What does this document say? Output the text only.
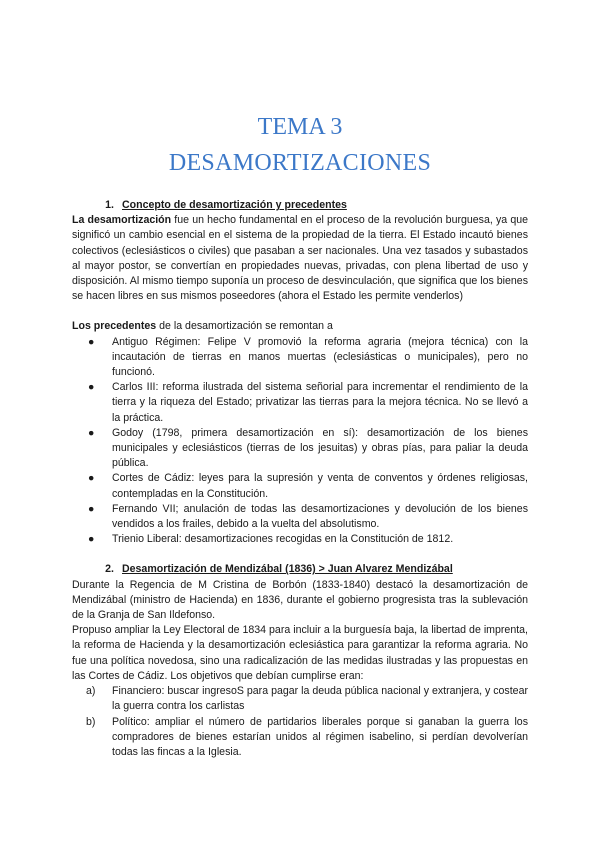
TEMA 3
DESAMORTIZACIONES

1. Concepto de desamortización y precedentes

La desamortización fue un hecho fundamental en el proceso de la revolución burguesa, ya que significó un cambio esencial en el sistema de la propiedad de la tierra. El Estado incautó bienes colectivos (eclesiásticos o civiles) que pasaban a ser nacionales. Una vez tasados y subastados al mayor postor, se convertían en propiedades nuevas, privadas, con plena libertad de uso y disposición. Al mismo tiempo suponía un proceso de desvinculación, que significa que los bienes se hacen libres en sus mismos poseedores (ahora el Estado les permite venderlos)

Los precedentes de la desamortización se remontan a

●	Antiguo Régimen: Felipe V promovió la reforma agraria (mejora técnica) con la incautación de tierras en manos muertas (eclesiásticas o municipales), pero no funcionó.
●	Carlos III: reforma ilustrada del sistema señorial para incrementar el rendimiento de la tierra y la riqueza del Estado; privatizar las tierras para la mejora técnica. No se llevó a la práctica.
●	Godoy (1798, primera desamortización en sí): desamortización de los bienes municipales y eclesiásticos (tierras de los jesuitas) y obras pías, para paliar la deuda pública.
●	Cortes de Cádiz: leyes para la supresión y venta de conventos y órdenes religiosas, contempladas en la Constitución.
●	Fernando VII; anulación de todas las desamortizaciones y devolución de los bienes vendidos a los frailes, debido a la vuelta del absolutismo.
●	Trienio Liberal: desamortizaciones recogidas en la Constitución de 1812.

2. Desamortización de Mendizábal (1836) > Juan Alvarez Mendizábal

Durante la Regencia de M Cristina de Borbón (1833-1840) destacó la desamortización de Mendizábal (ministro de Hacienda) en 1836, durante el gobierno progresista tras la sublevación de la Granja de San Ildefonso.

Propuso ampliar la Ley Electoral de 1834 para incluir a la burguesía baja, la libertad de imprenta, la reforma de Hacienda y la desamortización eclesiástica para garantizar la reforma agraria. No fue una política novedosa, sino una radicalización de las medidas ilustradas y las propuestas en las Cortes de Cádiz. Los objetivos que debían cumplirse eran:

a)	Financiero: buscar ingresoS para pagar la deuda pública nacional y extranjera, y costear la guerra contra los carlistas
b)	Político: ampliar el número de partidarios liberales porque si ganaban la guerra los compradores de bienes estarían unidos al régimen isabelino, si perdían devolverían todas las fincas a la Iglesia.
